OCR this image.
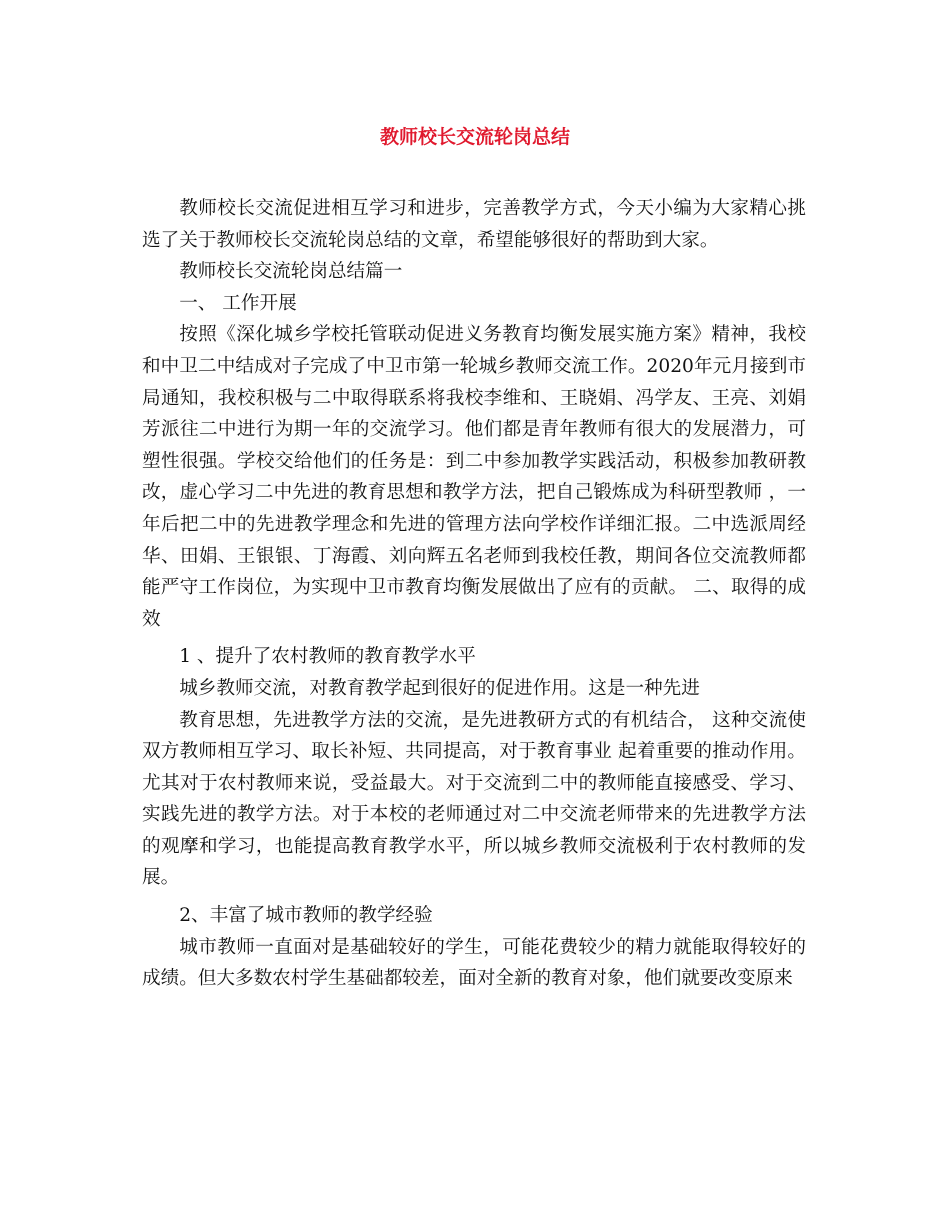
教师校长交流轮岗总结

教师校长交流促进相互学习和进步，完善教学方式，今天小编为大家精心挑选了关于教师校长交流轮岗总结的文章，希望能够很好的帮助到大家。

教师校长交流轮岗总结篇一

一、 工作开展

按照《深化城乡学校托管联动促进义务教育均衡发展实施方案》精神，我校和中卫二中结成对子完成了中卫市第一轮城乡教师交流工作。2020年元月接到市局通知，我校积极与二中取得联系将我校李维和、王晓娟、冯学友、王亮、刘娟芳派往二中进行为期一年的交流学习。他们都是青年教师有很大的发展潜力，可塑性很强。学校交给他们的任务是：到二中参加教学实践活动，积极参加教研教改，虚心学习二中先进的教育思想和教学方法，把自己锻炼成为科研型教师 ，一年后把二中的先进教学理念和先进的管理方法向学校作详细汇报。二中选派周经华、田娟、王银银、丁海霞、刘向辉五名老师到我校任教，期间各位交流教师都能严守工作岗位，为实现中卫市教育均衡发展做出了应有的贡献。 二、取得的成效

1 、提升了农村教师的教育教学水平

城乡教师交流，对教育教学起到很好的促进作用。这是一种先进

教育思想，先进教学方法的交流，是先进教研方式的有机结合， 这种交流使双方教师相互学习、取长补短、共同提高，对于教育事业 起着重要的推动作用。尤其对于农村教师来说，受益最大。对于交流到二中的教师能直接感受、学习、实践先进的教学方法。对于本校的老师通过对二中交流老师带来的先进教学方法的观摩和学习，也能提高教育教学水平，所以城乡教师交流极利于农村教师的发展。

2、丰富了城市教师的教学经验

城市教师一直面对是基础较好的学生，可能花费较少的精力就能取得较好的成绩。但大多数农村学生基础都较差，面对全新的教育对象，他们就要改变原来
